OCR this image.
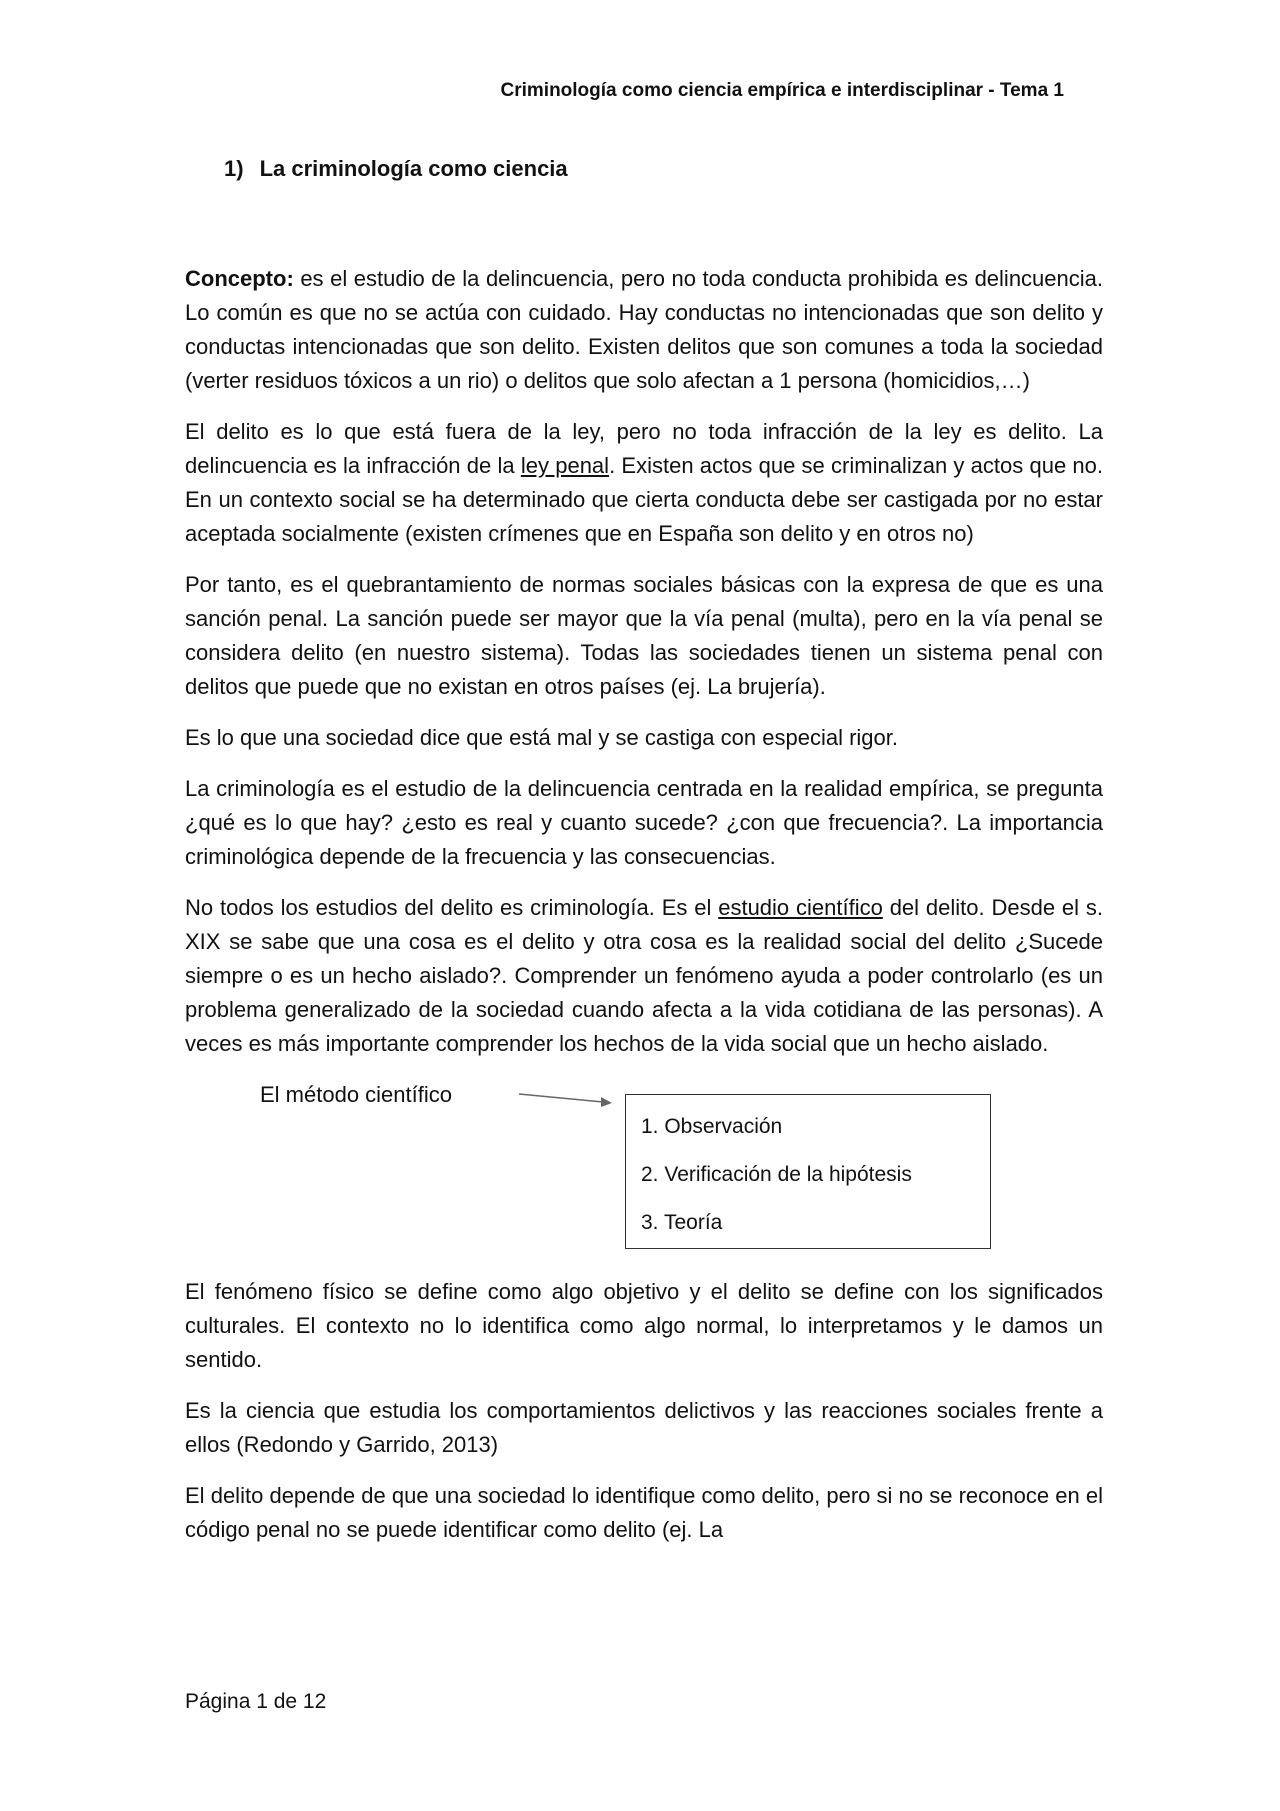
Criminología como ciencia empírica e interdisciplinar - Tema 1
1) La criminología como ciencia

Concepto: es el estudio de la delincuencia, pero no toda conducta prohibida es delincuencia. Lo común es que no se actúa con cuidado. Hay conductas no intencionadas que son delito y conductas intencionadas que son delito. Existen delitos que son comunes a toda la sociedad (verter residuos tóxicos a un rio) o delitos que solo afectan a 1 persona (homicidios,…)

El delito es lo que está fuera de la ley, pero no toda infracción de la ley es delito. La delincuencia es la infracción de la ley penal. Existen actos que se criminalizan y actos que no. En un contexto social se ha determinado que cierta conducta debe ser castigada por no estar aceptada socialmente (existen crímenes que en España son delito y en otros no)

Por tanto, es el quebrantamiento de normas sociales básicas con la expresa de que es una sanción penal. La sanción puede ser mayor que la vía penal (multa), pero en la vía penal se considera delito (en nuestro sistema). Todas las sociedades tienen un sistema penal con delitos que puede que no existan en otros países (ej. La brujería).

Es lo que una sociedad dice que está mal y se castiga con especial rigor.

La criminología es el estudio de la delincuencia centrada en la realidad empírica, se pregunta ¿qué es lo que hay? ¿esto es real y cuanto sucede? ¿con que frecuencia?. La importancia criminológica depende de la frecuencia y las consecuencias.

No todos los estudios del delito es criminología. Es el estudio científico del delito. Desde el s. XIX se sabe que una cosa es el delito y otra cosa es la realidad social del delito ¿Sucede siempre o es un hecho aislado?. Comprender un fenómeno ayuda a poder controlarlo (es un problema generalizado de la sociedad cuando afecta a la vida cotidiana de las personas). A veces es más importante comprender los hechos de la vida social que un hecho aislado.

El método científico
1. Observación
2. Verificación de la hipótesis
3. Teoría

El fenómeno físico se define como algo objetivo y el delito se define con los significados culturales. El contexto no lo identifica como algo normal, lo interpretamos y le damos un sentido.

Es la ciencia que estudia los comportamientos delictivos y las reacciones sociales frente a ellos (Redondo y Garrido, 2013)

El delito depende de que una sociedad lo identifique como delito, pero si no se reconoce en el código penal no se puede identificar como delito (ej. La

Página 1 de 12
